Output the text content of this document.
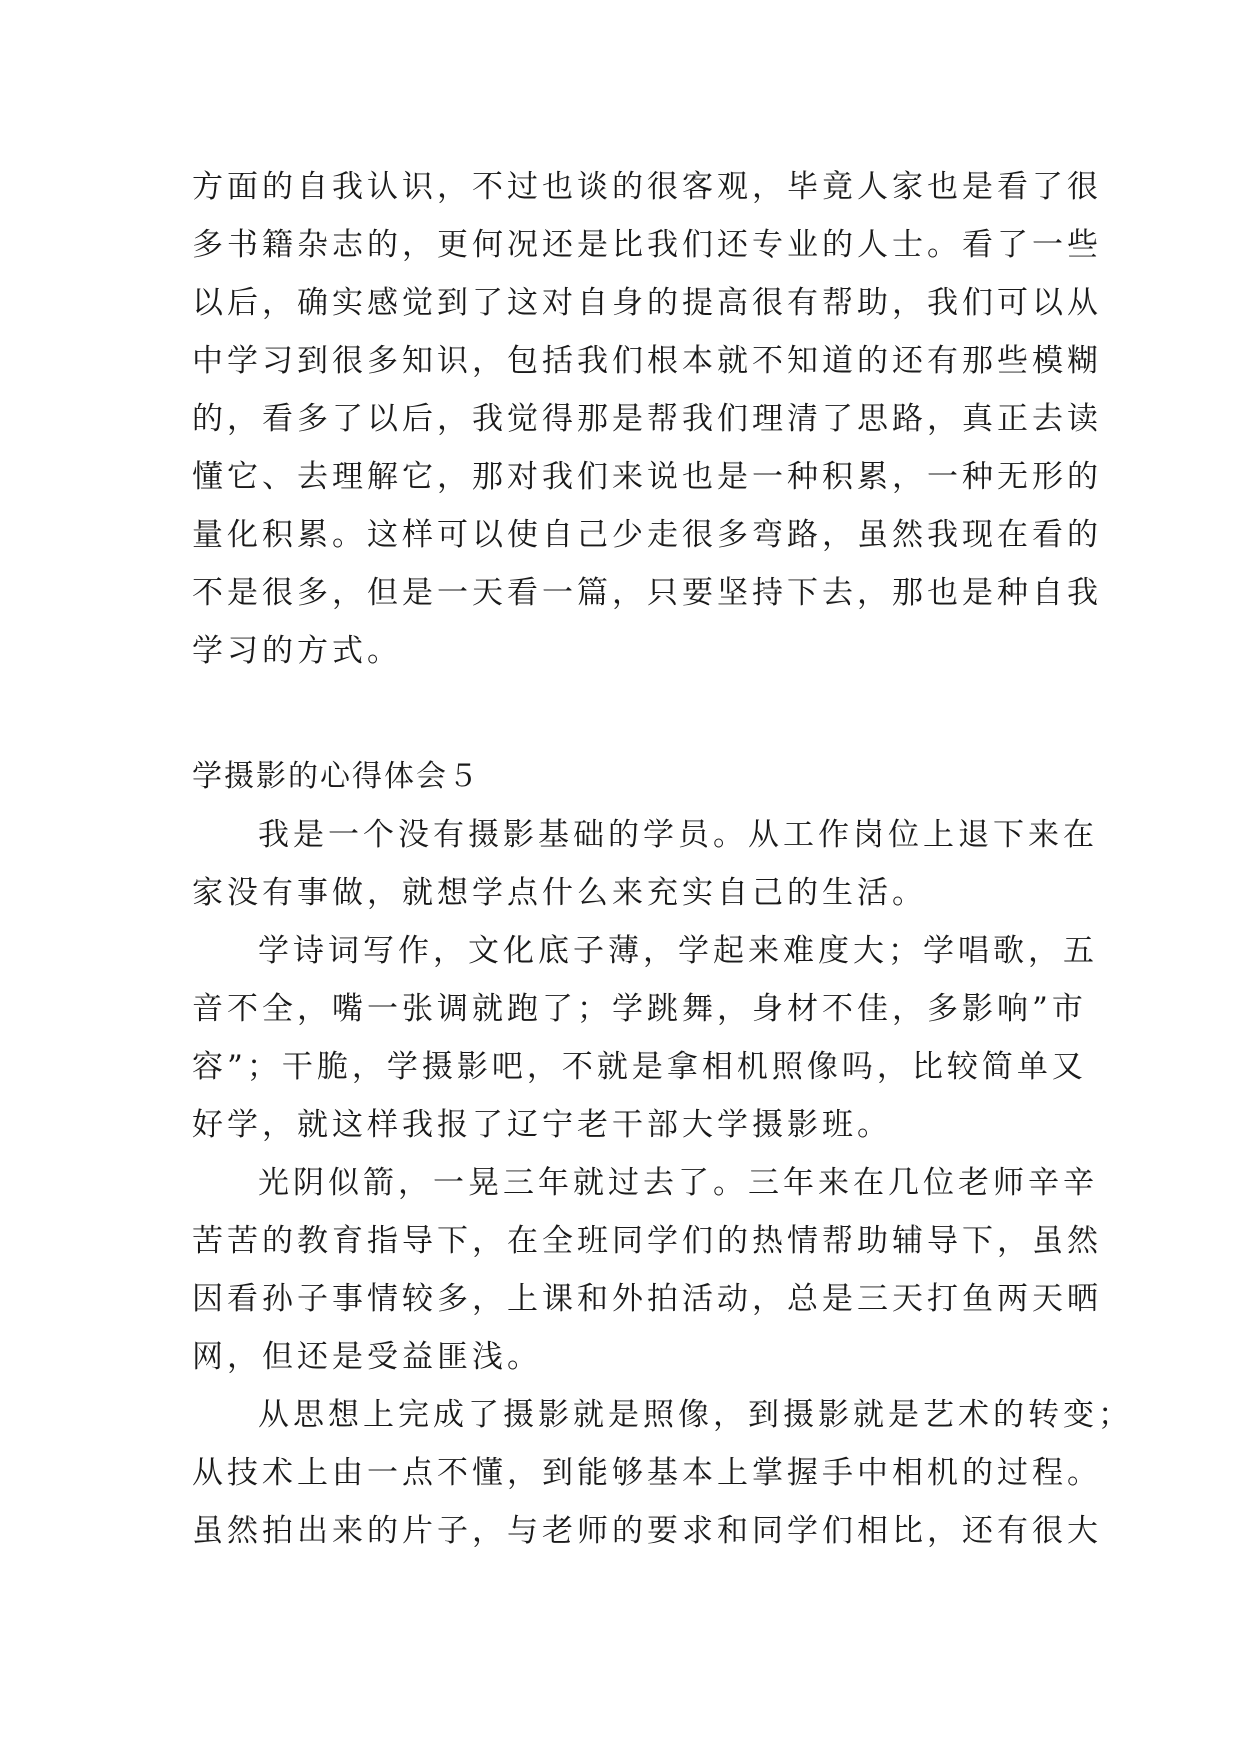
方面的自我认识，不过也谈的很客观，毕竟人家也是看了很
多书籍杂志的，更何况还是比我们还专业的人士。看了一些
以后，确实感觉到了这对自身的提高很有帮助，我们可以从
中学习到很多知识，包括我们根本就不知道的还有那些模糊
的，看多了以后，我觉得那是帮我们理清了思路，真正去读
懂它、去理解它，那对我们来说也是一种积累，一种无形的
量化积累。这样可以使自己少走很多弯路，虽然我现在看的
不是很多，但是一天看一篇，只要坚持下去，那也是种自我
学习的方式。
学摄影的心得体会５
我是一个没有摄影基础的学员。从工作岗位上退下来在
家没有事做，就想学点什么来充实自己的生活。
学诗词写作，文化底子薄，学起来难度大；学唱歌，五
音不全，嘴一张调就跑了；学跳舞，身材不佳，多影响”市
容”；干脆，学摄影吧，不就是拿相机照像吗，比较简单又
好学，就这样我报了辽宁老干部大学摄影班。
光阴似箭，一晃三年就过去了。三年来在几位老师辛辛
苦苦的教育指导下，在全班同学们的热情帮助辅导下，虽然
因看孙子事情较多，上课和外拍活动，总是三天打鱼两天晒
网，但还是受益匪浅。
从思想上完成了摄影就是照像，到摄影就是艺术的转变；
从技术上由一点不懂，到能够基本上掌握手中相机的过程。
虽然拍出来的片子，与老师的要求和同学们相比，还有很大
